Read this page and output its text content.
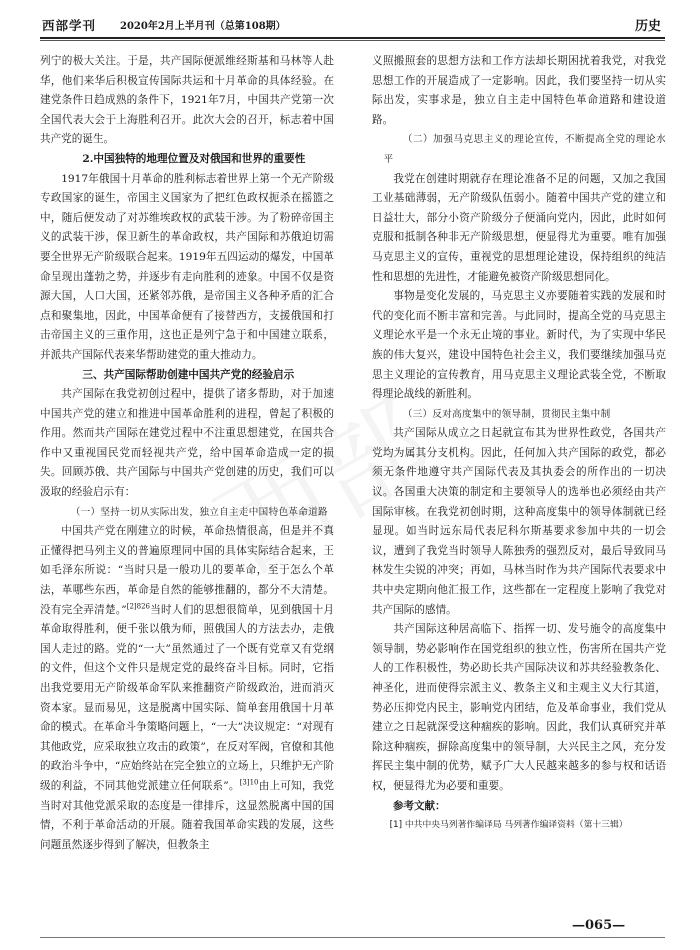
西部学刊 2020年2月上半月刊（总第108期）	历史

列宁的极大关注。于是，共产国际便派维经斯基和马林等人赴华，他们来华后积极宣传国际共运和十月革命的具体经验。在建党条件日趋成熟的条件下，1921年7月，中国共产党第一次全国代表大会于上海胜利召开。此次大会的召开，标志着中国共产党的诞生。

2.中国独特的地理位置及对俄国和世界的重要性

1917年俄国十月革命的胜利标志着世界上第一个无产阶级专政国家的诞生，帝国主义国家为了把红色政权扼杀在摇篮之中，随后便发动了对苏维埃政权的武装干涉。为了粉碎帝国主义的武装干涉，保卫新生的革命政权，共产国际和苏俄迫切需要全世界无产阶级联合起来。1919年五四运动的爆发，中国革命呈现出蓬勃之势，并逐步有走向胜利的迹象。中国不仅是资源大国，人口大国，还紧邻苏俄，是帝国主义各种矛盾的汇合点和聚集地，因此，中国革命便有了接替西方，支援俄国和打击帝国主义的三重作用，这也正是列宁急于和中国建立联系，并派共产国际代表来华帮助建党的重大推动力。

三、共产国际帮助创建中国共产党的经验启示

共产国际在我党初创过程中，提供了诸多帮助，对于加速中国共产党的建立和推进中国革命胜利的进程，曾起了积极的作用。然而共产国际在建党过程中不注重思想建党，在国共合作中又重视国民党而轻视共产党，给中国革命造成一定的损失。回顾苏俄、共产国际与中国共产党创建的历史，我们可以汲取的经验启示有：

（一）坚持一切从实际出发，独立自主走中国特色革命道路

中国共产党在刚建立的时候，革命热情很高，但是并不真正懂得把马列主义的普遍原理同中国的具体实际结合起来，王如毛泽东所说：“当时只是一般功儿的要革命，至于怎么个革法，革哪些东西，革命是自然的能够推翻的，都分不大清楚。没有完全弄清楚。”$^{[2]826}$当时人们的思想很简单，见到俄国十月革命取得胜利，便千张以俄为师，照俄国人的方法去办，走俄国人走过的路。党的“一大”虽然通过了一个既有党章又有党纲的文件，但这个文件只是规定党的最终奋斗目标。同时，它指出我党要用无产阶级革命军队来推翻资产阶级政治，进而消灭资本家。显而易见，这是脱离中国实际、简单套用俄国十月革命的模式。在革命斗争策略问题上，“一大”决议规定：“对现有其他政党，应采取独立攻击的政策”，在反对军阀，官僚和其他的政治斗争中，“应始终站在完全独立的立场上，只维护无产阶级的利益，不同其他党派建立任何联系”。$^{[3]10}$由上可知，我党当时对其他党派采取的态度是一律排斥，这显然脱离中国的国情，不利于革命活动的开展。随着我国革命实践的发展，这些问题虽然逐步得到了解决，但教条主

义照搬照套的思想方法和工作方法却长期困扰着我党，对我党思想工作的开展造成了一定影响。因此，我们要坚持一切从实际出发，实事求是，独立自主走中国特色革命道路和建设道路。

（二）加强马克思主义的理论宣传，不断提高全党的理论水平

我党在创建时期就存在理论准备不足的问题，又加之我国工业基础薄弱，无产阶级队伍弱小。随着中国共产党的建立和日益壮大，部分小资产阶级分子便涌向党内，因此，此时如何克服和抵制各种非无产阶级思想，便显得尤为重要。唯有加强马克思主义的宣传，重视党的思想理论建设，保持组织的纯洁性和思想的先进性，才能避免被资产阶级思想同化。

事物是变化发展的，马克思主义亦要随着实践的发展和时代的变化而不断丰富和完善。与此同时，提高全党的马克思主义理论水平是一个永无止境的事业。新时代，为了实现中华民族的伟大复兴，建设中国特色社会主义，我们要继续加强马克思主义理论的宣传教育，用马克思主义理论武装全党，不断取得理论战线的新胜利。

（三）反对高度集中的领导制，贯彻民主集中制

共产国际从成立之日起就宣布其为世界性政党，各国共产党均为属其分支机构。因此，任何加入共产国际的政党，都必须无条件地遵守共产国际代表及其执委会的所作出的一切决议。各国重大决策的制定和主要领导人的选举也必须经由共产国际审核。在我党初创时期，这种高度集中的领导体制就已经显现。如当时远东局代表尼科尔斯基要求参加中共的一切会议，遭到了我党当时领导人陈独秀的强烈反对，最后导致同马林发生尖锐的冲突；再如，马林当时作为共产国际代表要求中共中央定期向他汇报工作，这些都在一定程度上影响了我党对共产国际的感情。

共产国际这种居高临下、指挥一切、发号施令的高度集中领导制，势必影响作在国党组织的独立性，伤害所在国共产党人的工作积极性，势必助长共产国际决议和苏共经验教条化、神圣化，进而使得宗派主义、教条主义和主观主义大行其道，势必压抑党内民主，影响党内团结，危及革命事业，我们党从建立之日起就深受这种痼疾的影响。因此，我们认真研究并革除这种痼疾，摒除高度集中的领导制，大兴民主之风，充分发挥民主集中制的优势，赋予广大人民越来越多的参与权和话语权，便显得尤为必要和重要。

参考文献：

[1] 中共中央马列著作编译局 马列著作编译资料（第十三辑）

—065—
